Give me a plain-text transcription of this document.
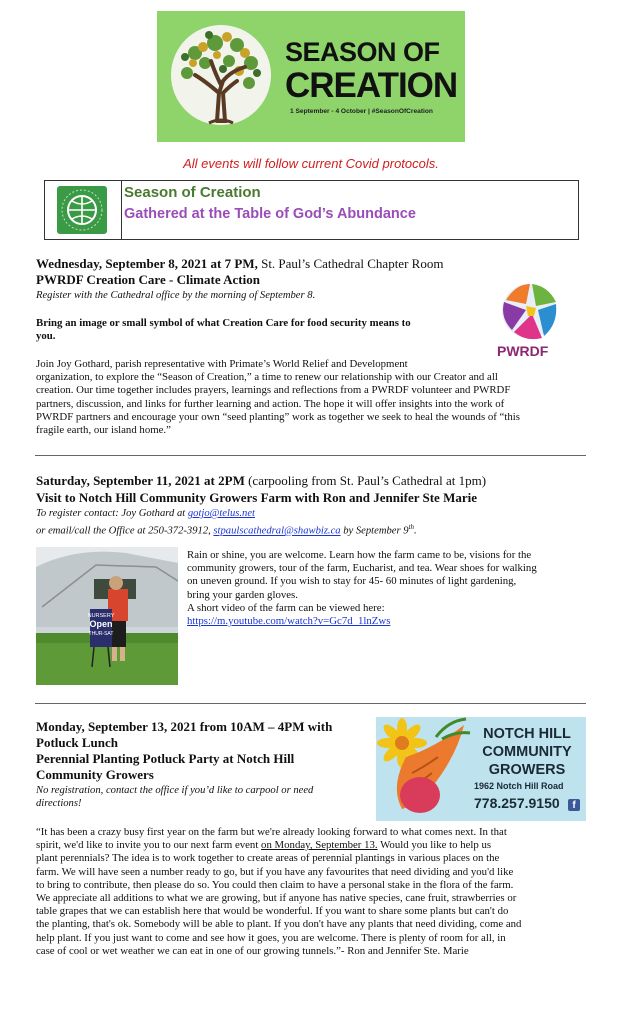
SEASON OF
CREATION
1 September - 4 October | #SeasonOfCreation
All events will follow current Covid protocols.
Season of Creation
Gathered at the Table of God’s Abundance
Wednesday, September 8, 2021 at 7 PM, St. Paul’s Cathedral Chapter Room
PWRDF Creation Care - Climate Action
Register with the Cathedral office by the morning of September 8.
Bring an image or small symbol of what Creation Care for food security means to
you.
PWRDF
Join Joy Gothard, parish representative with Primate’s World Relief and Development
organization, to explore the “Season of Creation,” a time to renew our relationship with our Creator and all
creation. Our time together includes prayers, learnings and reflections from a PWRDF volunteer and PWRDF
partners, discussion, and links for further learning and action. The hope it will offer insights into the work of
PWRDF partners and encourage your own “seed planting” work as together we seek to heal the wounds of “this
fragile earth, our island home.”
Saturday, September 11, 2021 at 2PM (carpooling from St. Paul’s Cathedral at 1pm)
Visit to Notch Hill Community Growers Farm with Ron and Jennifer Ste Marie
To register contact: Joy Gothard at gotjo@telus.net
or email/call the Office at 250-372-3912, stpaulscathedral@shawbiz.ca by September 9th.
NURSERY
Open
THUR-SAT
Rain or shine, you are welcome. Learn how the farm came to be, visions for the
community growers, tour of the farm, Eucharist, and tea. Wear shoes for walking
on uneven ground. If you wish to stay for 45- 60 minutes of light gardening,
bring your garden gloves.
A short video of the farm can be viewed here:
https://m.youtube.com/watch?v=Gc7d_1lnZws
Monday, September 13, 2021 from 10AM – 4PM with
Potluck Lunch
Perennial Planting Potluck Party at Notch Hill
Community Growers
No registration, contact the office if you’d like to carpool or need
directions!
NOTCH HILL
COMMUNITY
GROWERS
1962 Notch Hill Road
778.257.9150	f
“It has been a crazy busy first year on the farm but we're already looking forward to what comes next. In that
spirit, we'd like to invite you to our next farm event on Monday, September 13. Would you like to help us
plant perennials? The idea is to work together to create areas of perennial plantings in various places on the
farm. We will have seen a number ready to go, but if you have any favourites that need dividing and you'd like
to bring to contribute, then please do so. You could then claim to have a personal stake in the flora of the farm.
We appreciate all additions to what we are growing, but if anyone has native species, cane fruit, strawberries or
table grapes that we can establish here that would be wonderful. If you want to share some plants but can't do
the planting, that's ok. Somebody will be able to plant. If you don't have any plants that need dividing, come and
help plant. If you just want to come and see how it goes, you are welcome. There is plenty of room for all, in
case of cool or wet weather we can eat in one of our growing tunnels.”- Ron and Jennifer Ste. Marie
